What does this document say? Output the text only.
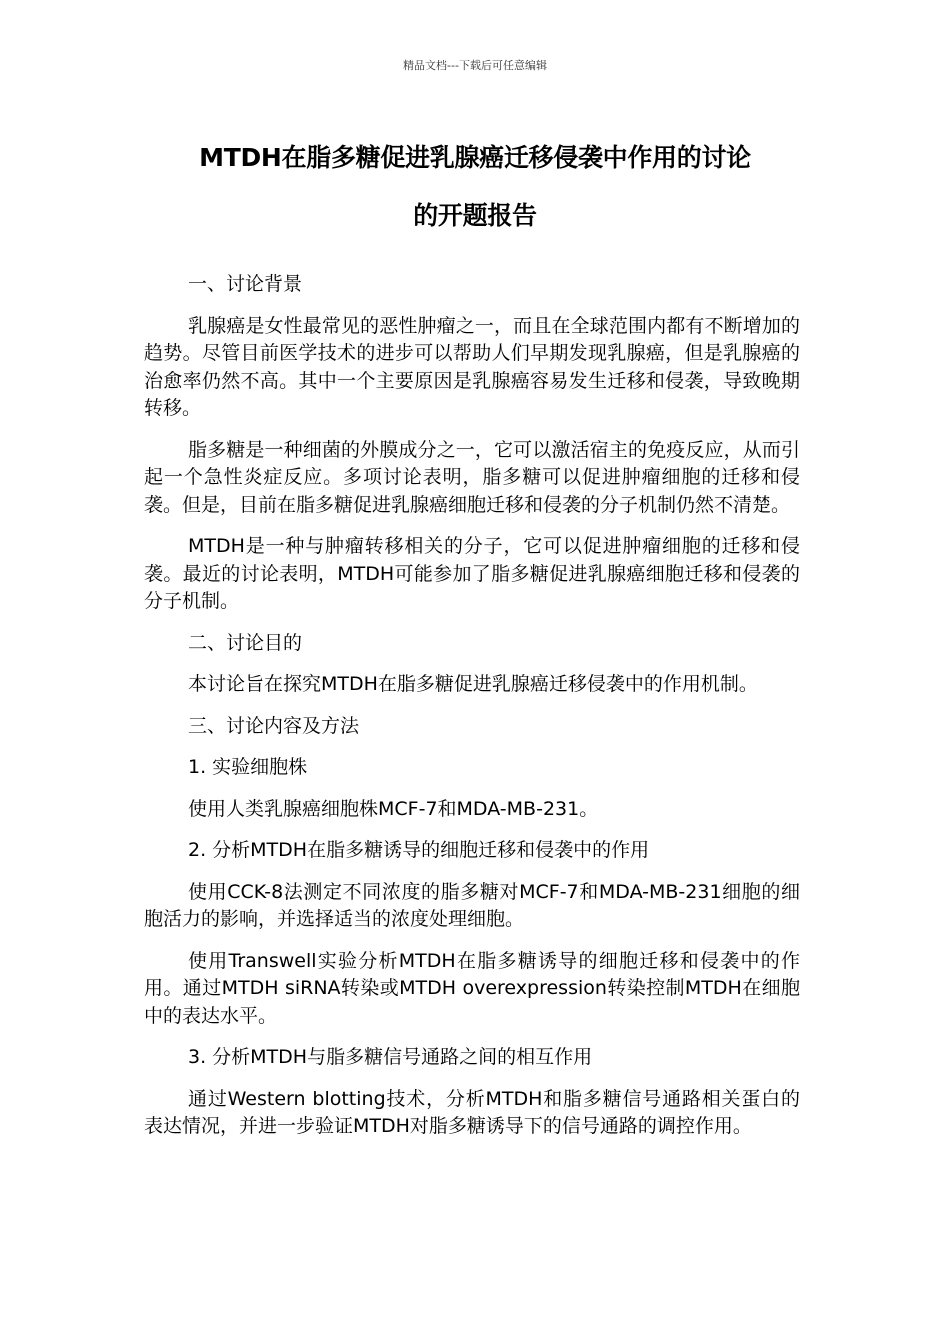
精品文档---下载后可任意编辑
MTDH在脂多糖促进乳腺癌迁移侵袭中作用的讨论
的开题报告

一、讨论背景

乳腺癌是女性最常见的恶性肿瘤之一，而且在全球范围内都有不断增加的趋势。尽管目前医学技术的进步可以帮助人们早期发现乳腺癌，但是乳腺癌的治愈率仍然不高。其中一个主要原因是乳腺癌容易发生迁移和侵袭，导致晚期转移。

脂多糖是一种细菌的外膜成分之一，它可以激活宿主的免疫反应，从而引起一个急性炎症反应。多项讨论表明，脂多糖可以促进肿瘤细胞的迁移和侵袭。但是，目前在脂多糖促进乳腺癌细胞迁移和侵袭的分子机制仍然不清楚。

MTDH是一种与肿瘤转移相关的分子，它可以促进肿瘤细胞的迁移和侵袭。最近的讨论表明，MTDH可能参加了脂多糖促进乳腺癌细胞迁移和侵袭的分子机制。

二、讨论目的

本讨论旨在探究MTDH在脂多糖促进乳腺癌迁移侵袭中的作用机制。

三、讨论内容及方法

1. 实验细胞株

使用人类乳腺癌细胞株MCF-7和MDA-MB-231。

2. 分析MTDH在脂多糖诱导的细胞迁移和侵袭中的作用

使用CCK-8法测定不同浓度的脂多糖对MCF-7和MDA-MB-231细胞的细胞活力的影响，并选择适当的浓度处理细胞。

使用Transwell实验分析MTDH在脂多糖诱导的细胞迁移和侵袭中的作用。通过MTDH siRNA转染或MTDH overexpression转染控制MTDH在细胞中的表达水平。

3. 分析MTDH与脂多糖信号通路之间的相互作用

通过Western blotting技术，分析MTDH和脂多糖信号通路相关蛋白的表达情况，并进一步验证MTDH对脂多糖诱导下的信号通路的调控作用。
